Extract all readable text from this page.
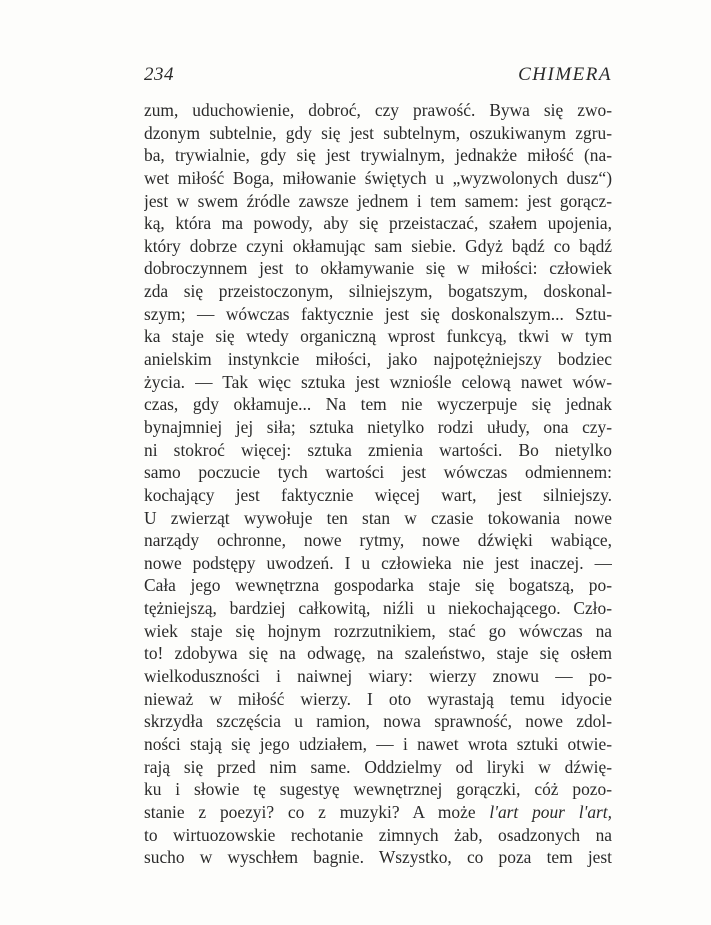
234	CHIMERA
zum, uduchowienie, dobroć, czy prawość. Bywa się zwo-
dzonym subtelnie, gdy się jest subtelnym, oszukiwanym zgru-
ba, trywialnie, gdy się jest trywialnym, jednakże miłość (na-
wet miłość Boga, miłowanie świętych u „wyzwolonych dusz“)
jest w swem źródle zawsze jednem i tem samem: jest gorącz-
ką, która ma powody, aby się przeistaczać, szałem upojenia,
który dobrze czyni okłamując sam siebie. Gdyż bądź co bądź
dobroczynnem jest to okłamywanie się w miłości: człowiek
zda się przeistoczonym, silniejszym, bogatszym, doskonal-
szym; — wówczas faktycznie jest się doskonalszym... Sztu-
ka staje się wtedy organiczną wprost funkcyą, tkwi w tym
anielskim instynkcie miłości, jako najpotężniejszy bodziec
życia. — Tak więc sztuka jest wzniośle celową nawet wów-
czas, gdy okłamuje... Na tem nie wyczerpuje się jednak
bynajmniej jej siła; sztuka nietylko rodzi ułudy, ona czy-
ni stokroć więcej: sztuka zmienia wartości. Bo nietylko
samo poczucie tych wartości jest wówczas odmiennem:
kochający jest faktycznie więcej wart, jest silniejszy.
U zwierząt wywołuje ten stan w czasie tokowania nowe
narządy ochronne, nowe rytmy, nowe dźwięki wabiące,
nowe podstępy uwodzeń. I u człowieka nie jest inaczej. —
Cała jego wewnętrzna gospodarka staje się bogatszą, po-
tężniejszą, bardziej całkowitą, niźli u niekochającego. Czło-
wiek staje się hojnym rozrzutnikiem, stać go wówczas na
to! zdobywa się na odwagę, na szaleństwo, staje się osłem
wielkoduszności i naiwnej wiary: wierzy znowu — po-
nieważ w miłość wierzy. I oto wyrastają temu idyocie
skrzydła szczęścia u ramion, nowa sprawność, nowe zdol-
ności stają się jego udziałem, — i nawet wrota sztuki otwie-
rają się przed nim same. Oddzielmy od liryki w dźwię-
ku i słowie tę sugestyę wewnętrznej gorączki, cóż pozo-
stanie z poezyi? co z muzyki? A może l'art pour l'art,
to wirtuozowskie rechotanie zimnych żab, osadzonych na
sucho w wyschłem bagnie. Wszystko, co poza tem jest
